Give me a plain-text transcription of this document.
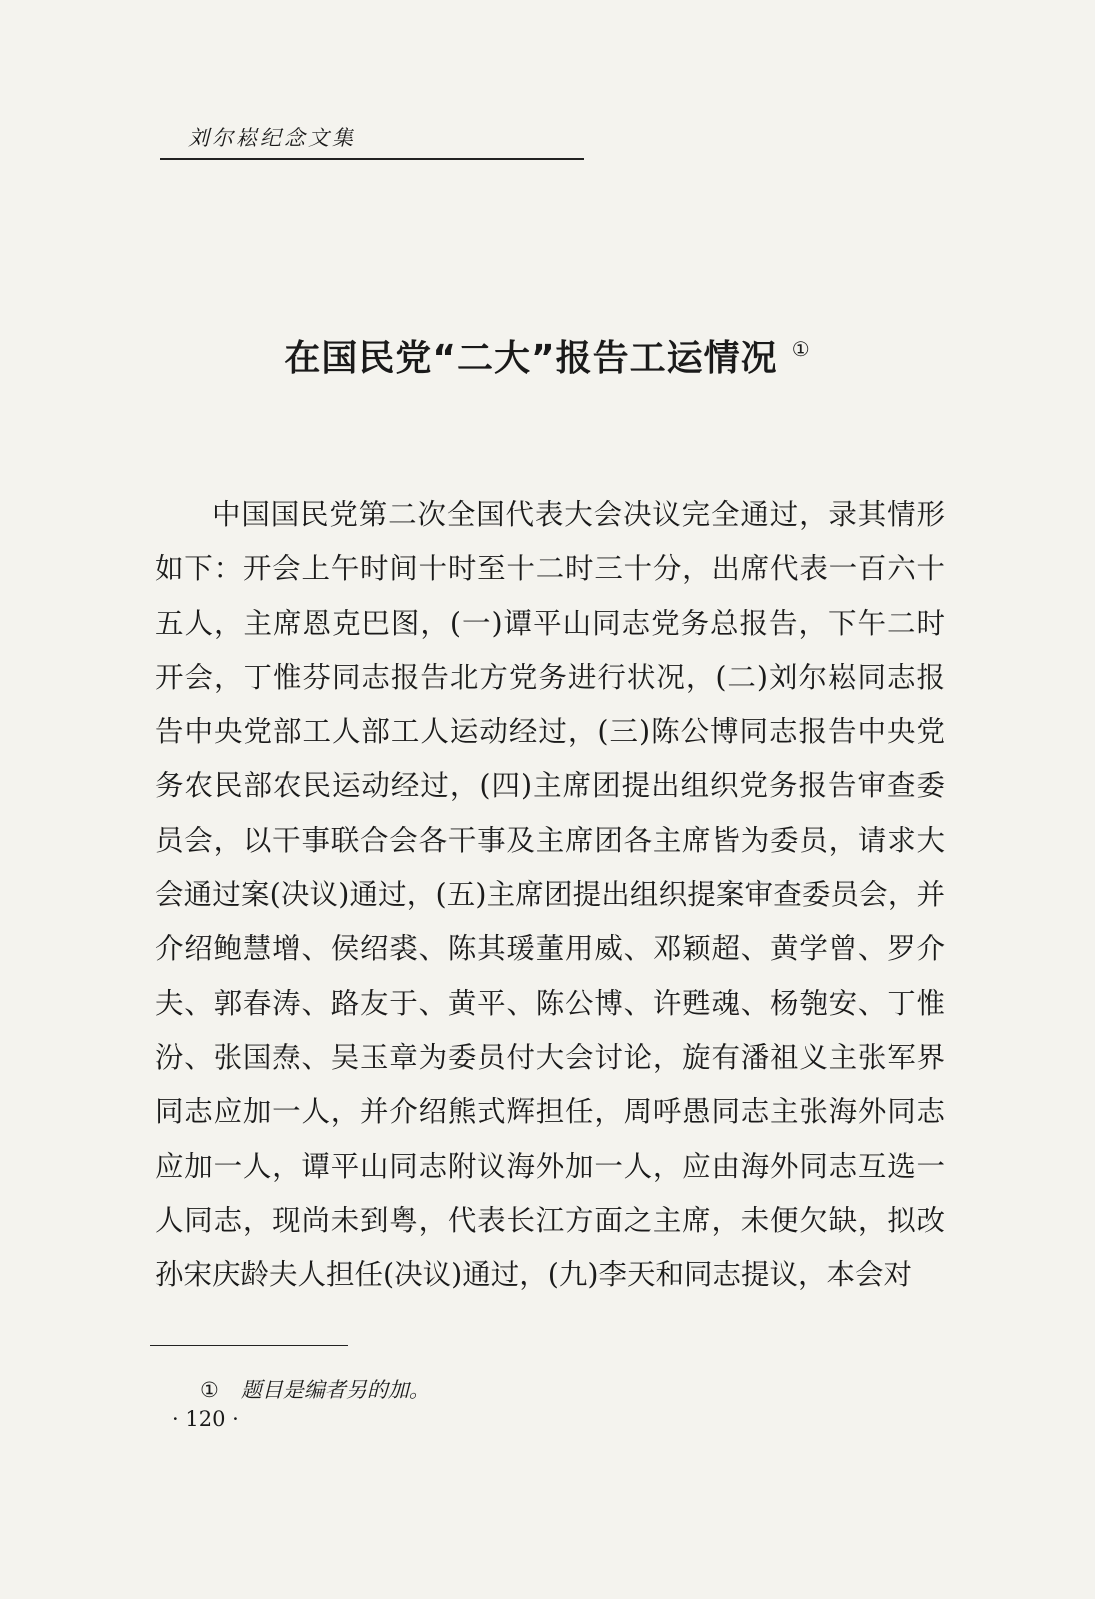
刘尔崧纪念文集
在国民党“二大”报告工运情况 ①
中国国民党第二次全国代表大会决议完全通过，录其情形如下：开会上午时间十时至十二时三十分，出席代表一百六十五人，主席恩克巴图，(一)谭平山同志党务总报告，下午二时开会，丁惟芬同志报告北方党务进行状况，(二)刘尔崧同志报告中央党部工人部工人运动经过，(三)陈公博同志报告中央党务农民部农民运动经过，(四)主席团提出组织党务报告审查委员会，以干事联合会各干事及主席团各主席皆为委员，请求大会通过案(决议)通过，(五)主席团提出组织提案审查委员会，并介绍鲍慧增、侯绍裘、陈其瑗董用威、邓颖超、黄学曾、罗介夫、郭春涛、路友于、黄平、陈公博、许甦魂、杨匏安、丁惟汾、张国焘、吴玉章为委员付大会讨论，旋有潘祖义主张军界同志应加一人，并介绍熊式辉担任，周呼愚同志主张海外同志应加一人，谭平山同志附议海外加一人，应由海外同志互选一人同志，现尚未到粤，代表长江方面之主席，未便欠缺，拟改孙宋庆龄夫人担任(决议)通过，(九)李天和同志提议，本会对
① 题目是编者另的加。
· 120 ·
